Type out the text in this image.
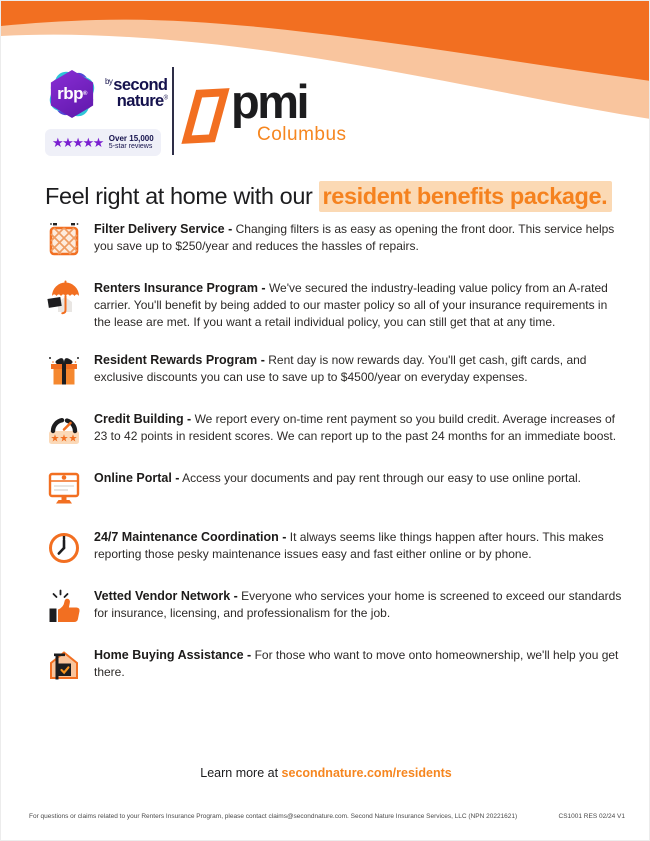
rbp ®
$^{by}$second
nature®
★★★★★ Over 15,000
5-star reviews
pmi
Columbus
Feel right at home with our resident benefits package.
Filter Delivery Service - Changing filters is as easy as opening the front door. This service helps you save up to $250/year and reduces the hassles of repairs.
Renters Insurance Program - We've secured the industry-leading value policy from an A-rated carrier. You'll benefit by being added to our master policy so all of your insurance requirements in the lease are met. If you want a retail individual policy, you can still get that at any time.
Resident Rewards Program - Rent day is now rewards day. You'll get cash, gift cards, and exclusive discounts you can use to save up to $4500/year on everyday expenses.
★★★
Credit Building - We report every on-time rent payment so you build credit. Average increases of 23 to 42 points in resident scores. We can report up to the past 24 months for an immediate boost.
Online Portal - Access your documents and pay rent through our easy to use online portal.
24/7 Maintenance Coordination - It always seems like things happen after hours. This makes reporting those pesky maintenance issues easy and fast either online or by phone.
Vetted Vendor Network - Everyone who services your home is screened to exceed our standards for insurance, licensing, and professionalism for the job.
Home Buying Assistance - For those who want to move onto homeownership, we'll help you get there.
Learn more at secondnature.com/residents
For questions or claims related to your Renters Insurance Program, please contact claims@secondnature.com. Second Nature Insurance Services, LLC (NPN 20221621)	CS1001 RES 02/24 V1
